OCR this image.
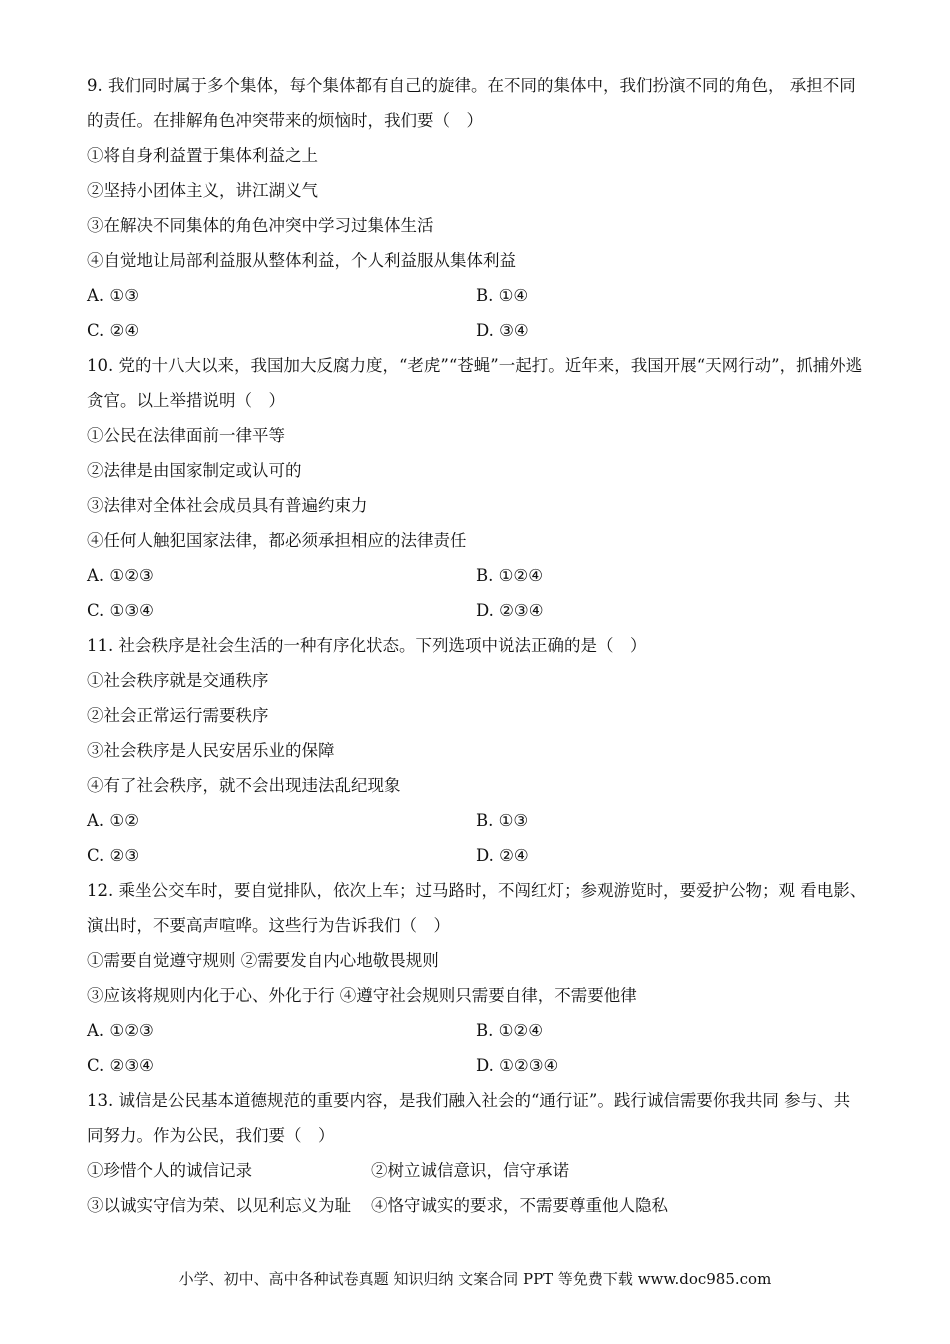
9. 我们同时属于多个集体，每个集体都有自己的旋律。在不同的集体中，我们扮演不同的角色， 承担不同
的责任。在排解角色冲突带来的烦恼时，我们要（　）
①将自身利益置于集体利益之上
②坚持小团体主义，讲江湖义气
③在解决不同集体的角色冲突中学习过集体生活
④自觉地让局部利益服从整体利益，个人利益服从集体利益
A. ①③	B. ①④
C. ②④	D. ③④
10. 党的十八大以来，我国加大反腐力度，“老虎”“苍蝇”一起打。近年来，我国开展“天网行动”，抓捕外逃
贪官。以上举措说明（　）
①公民在法律面前一律平等
②法律是由国家制定或认可的
③法律对全体社会成员具有普遍约束力
④任何人触犯国家法律，都必须承担相应的法律责任
A. ①②③	B. ①②④
C. ①③④	D. ②③④
11. 社会秩序是社会生活的一种有序化状态。下列选项中说法正确的是（　）
①社会秩序就是交通秩序
②社会正常运行需要秩序
③社会秩序是人民安居乐业的保障
④有了社会秩序，就不会出现违法乱纪现象
A. ①②	B. ①③
C. ②③	D. ②④
12. 乘坐公交车时，要自觉排队，依次上车；过马路时，不闯红灯；参观游览时，要爱护公物；观 看电影、
演出时，不要高声喧哗。这些行为告诉我们（　）
①需要自觉遵守规则 ②需要发自内心地敬畏规则
③应该将规则内化于心、外化于行 ④遵守社会规则只需要自律，不需要他律
A. ①②③	B. ①②④
C. ②③④	D. ①②③④
13. 诚信是公民基本道德规范的重要内容，是我们融入社会的“通行证”。践行诚信需要你我共同 参与、共
同努力。作为公民，我们要（　）
①珍惜个人的诚信记录	②树立诚信意识，信守承诺
③以诚实守信为荣、以见利忘义为耻 ④恪守诚实的要求，不需要尊重他人隐私
小学、初中、高中各种试卷真题 知识归纳 文案合同 PPT 等免费下载 www.doc985.com
